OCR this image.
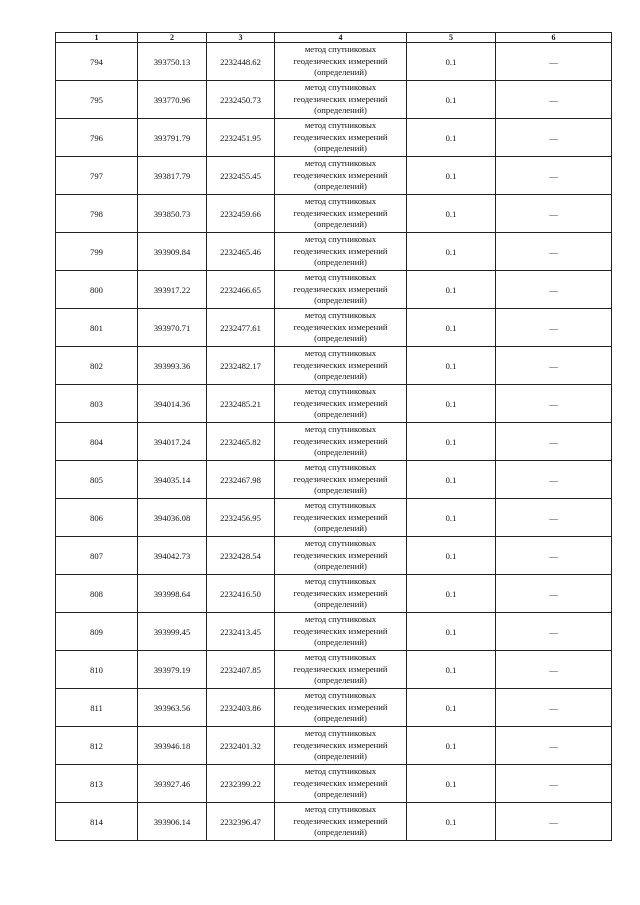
1	2	3	4	5	6
794	393750.13	2232448.62	метод спутниковых
геодезических измерений
(определений)	0.1	—
795	393770.96	2232450.73	метод спутниковых
геодезических измерений
(определений)	0.1	—
796	393791.79	2232451.95	метод спутниковых
геодезических измерений
(определений)	0.1	—
797	393817.79	2232455.45	метод спутниковых
геодезических измерений
(определений)	0.1	—
798	393850.73	2232459.66	метод спутниковых
геодезических измерений
(определений)	0.1	—
799	393909.84	2232465.46	метод спутниковых
геодезических измерений
(определений)	0.1	—
800	393917.22	2232466.65	метод спутниковых
геодезических измерений
(определений)	0.1	—
801	393970.71	2232477.61	метод спутниковых
геодезических измерений
(определений)	0.1	—
802	393993.36	2232482.17	метод спутниковых
геодезических измерений
(определений)	0.1	—
803	394014.36	2232485.21	метод спутниковых
геодезических измерений
(определений)	0.1	—
804	394017.24	2232465.82	метод спутниковых
геодезических измерений
(определений)	0.1	—
805	394035.14	2232467.98	метод спутниковых
геодезических измерений
(определений)	0.1	—
806	394036.08	2232456.95	метод спутниковых
геодезических измерений
(определений)	0.1	—
807	394042.73	2232428.54	метод спутниковых
геодезических измерений
(определений)	0.1	—
808	393998.64	2232416.50	метод спутниковых
геодезических измерений
(определений)	0.1	—
809	393999.45	2232413.45	метод спутниковых
геодезических измерений
(определений)	0.1	—
810	393979.19	2232407.85	метод спутниковых
геодезических измерений
(определений)	0.1	—
811	393963.56	2232403.86	метод спутниковых
геодезических измерений
(определений)	0.1	—
812	393946.18	2232401.32	метод спутниковых
геодезических измерений
(определений)	0.1	—
813	393927.46	2232399.22	метод спутниковых
геодезических измерений
(определений)	0.1	—
814	393906.14	2232396.47	метод спутниковых
геодезических измерений
(определений)	0.1	—
